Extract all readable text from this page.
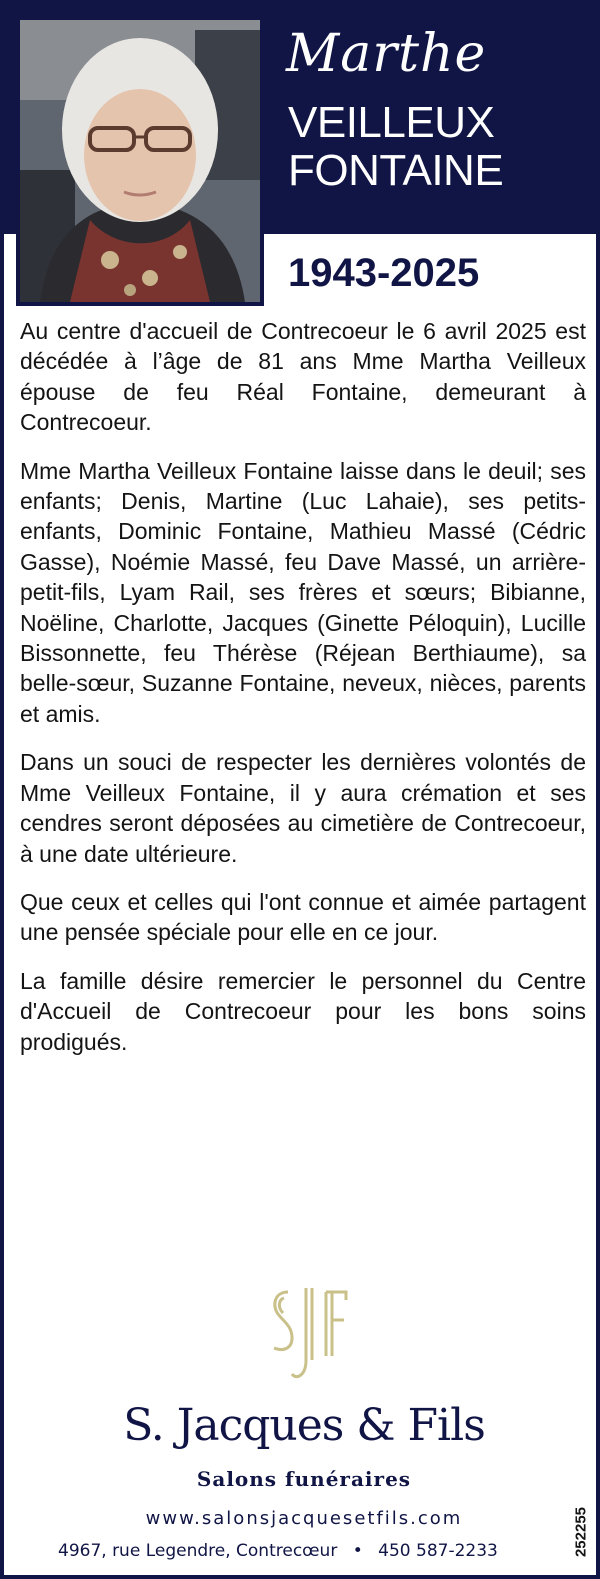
Marthe
VEILLEUX
FONTAINE
1943-2025

Au centre d'accueil de Contrecoeur le 6 avril 2025 est décédée à l’âge de 81 ans Mme Martha Veilleux épouse de feu Réal Fontaine, demeurant à Contrecoeur.

Mme Martha Veilleux Fontaine laisse dans le deuil; ses enfants; Denis, Martine (Luc Lahaie), ses petits-enfants, Dominic Fontaine, Mathieu Massé (Cédric Gasse), Noémie Massé, feu Dave Massé, un arrière-petit-fils, Lyam Rail, ses frères et sœurs; Bibianne, Noëline, Charlotte, Jacques (Ginette Péloquin), Lucille Bissonnette, feu Thérèse (Réjean Berthiaume), sa belle-sœur, Suzanne Fontaine, neveux, nièces, parents et amis.

Dans un souci de respecter les dernières volontés de Mme Veilleux Fontaine, il y aura crémation et ses cendres seront déposées au cimetière de Contrecoeur, à une date ultérieure.

Que ceux et celles qui l'ont connue et aimée partagent une pensée spéciale pour elle en ce jour.

La famille désire remercier le personnel du Centre d'Accueil de Contrecoeur pour les bons soins prodigués.

S. Jacques & Fils
Salons funéraires
www.salonsjacquesetfils.com
4967, rue Legendre, Contrecœur • 450 587-2233	252255
